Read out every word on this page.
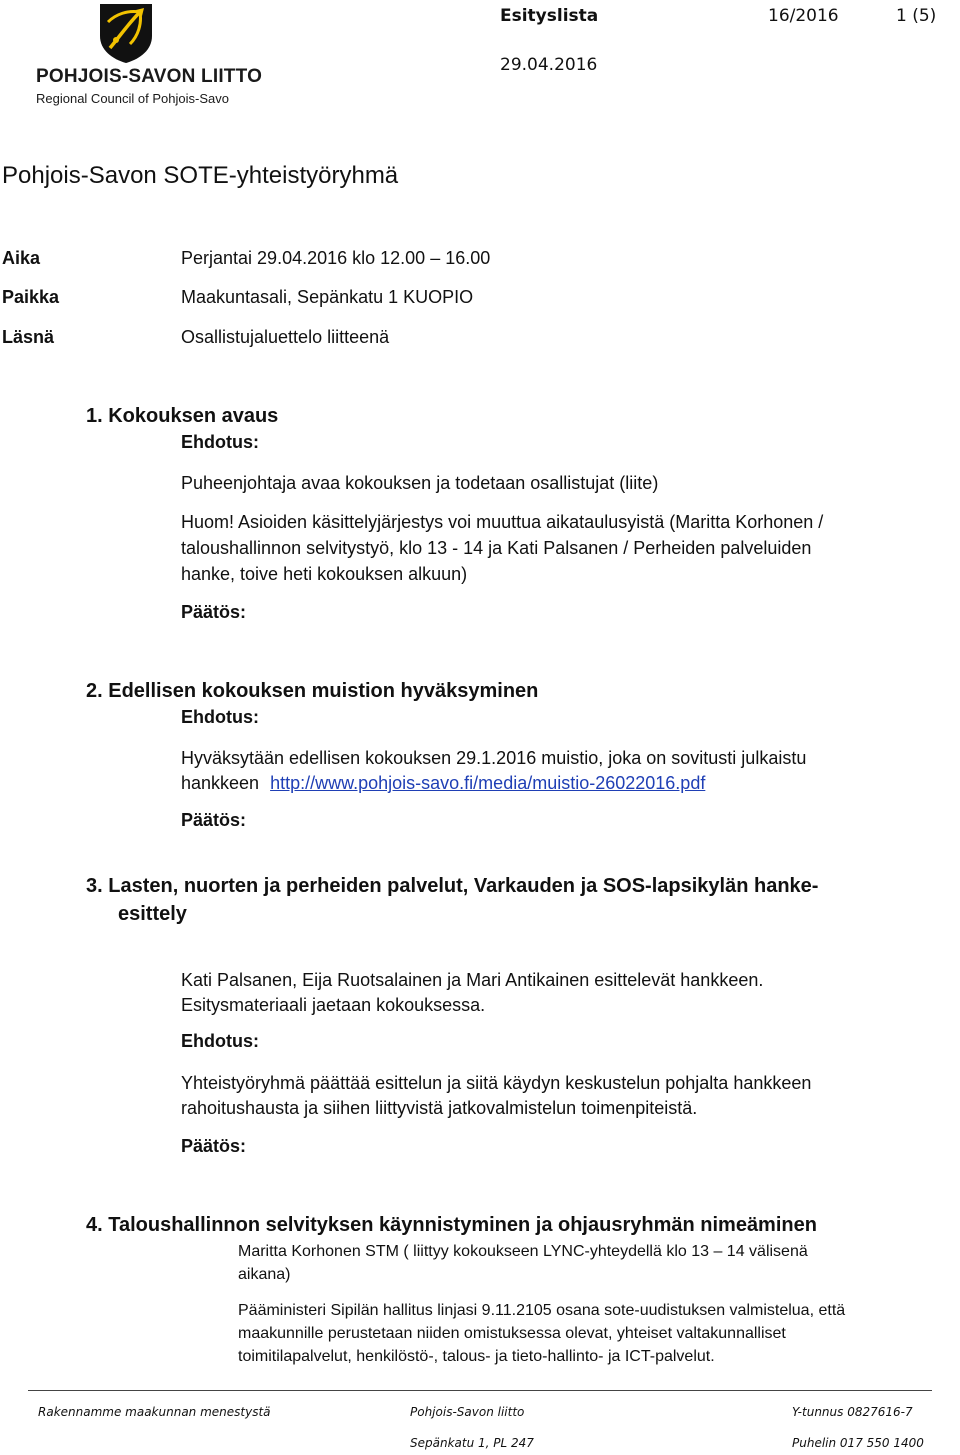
POHJOIS-SAVON LIITTO
Regional Council of Pohjois-Savo
Esityslista	16/2016	1 (5)
29.04.2016
Pohjois-Savon SOTE-yhteistyöryhmä
Aika	Perjantai 29.04.2016 klo 12.00 – 16.00
Paikka	Maakuntasali, Sepänkatu 1 KUOPIO
Läsnä	Osallistujaluettelo liitteenä
1. Kokouksen avaus
Ehdotus:
Puheenjohtaja avaa kokouksen ja todetaan osallistujat (liite)
Huom! Asioiden käsittelyjärjestys voi muuttua aikataulusyistä (Maritta Korhonen /
taloushallinnon selvitystyö, klo 13 - 14 ja Kati Palsanen / Perheiden palveluiden
hanke, toive heti kokouksen alkuun)
Päätös:
2. Edellisen kokouksen muistion hyväksyminen
Ehdotus:
Hyväksytään edellisen kokouksen 29.1.2016 muistio, joka on sovitusti julkaistu
hankkeen http://www.pohjois-savo.fi/media/muistio-26022016.pdf
Päätös:
3. Lasten, nuorten ja perheiden palvelut, Varkauden ja SOS-lapsikylän hanke-
esittely
Kati Palsanen, Eija Ruotsalainen ja Mari Antikainen esittelevät hankkeen.
Esitysmateriaali jaetaan kokouksessa.
Ehdotus:
Yhteistyöryhmä päättää esittelun ja siitä käydyn keskustelun pohjalta hankkeen
rahoitushausta ja siihen liittyvistä jatkovalmistelun toimenpiteistä.
Päätös:
4. Taloushallinnon selvityksen käynnistyminen ja ohjausryhmän nimeäminen
Maritta Korhonen STM ( liittyy kokoukseen LYNC-yhteydellä klo 13 – 14 välisenä
aikana)
Pääministeri Sipilän hallitus linjasi 9.11.2105 osana sote-uudistuksen valmistelua, että
maakunnille perustetaan niiden omistuksessa olevat, yhteiset valtakunnalliset
toimitilapalvelut, henkilöstö-, talous- ja tieto-hallinto- ja ICT-palvelut.
Rakennamme maakunnan menestystä	Pohjois-Savon liitto	Y-tunnus 0827616-7
Sepänkatu 1, PL 247	Puhelin 017 550 1400
